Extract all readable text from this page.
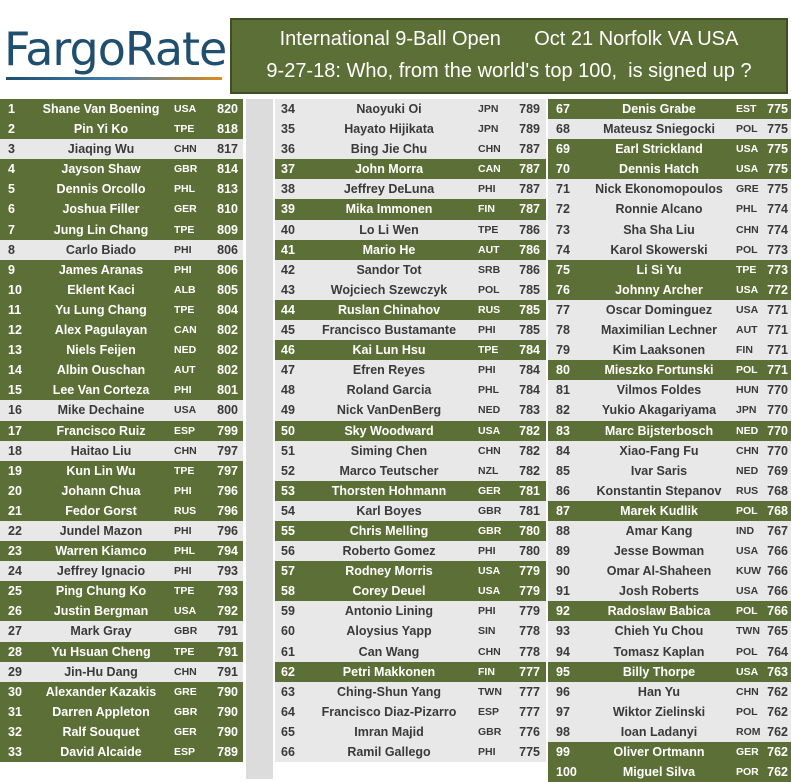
FargoRate	International 9-Ball Open      Oct 21 Norfolk VA USA
9-27-18: Who, from the world's top 100,  is signed up ?
1	Shane Van Boening	USA	820
2	Pin Yi Ko	TPE	818
3	Jiaqing Wu	CHN	817
4	Jayson Shaw	GBR	814
5	Dennis Orcollo	PHL	813
6	Joshua Filler	GER	810
7	Jung Lin Chang	TPE	809
8	Carlo Biado	PHI	806
9	James Aranas	PHI	806
10	Eklent Kaci	ALB	805
11	Yu Lung Chang	TPE	804
12	Alex Pagulayan	CAN	802
13	Niels Feijen	NED	802
14	Albin Ouschan	AUT	802
15	Lee Van Corteza	PHI	801
16	Mike Dechaine	USA	800
17	Francisco Ruiz	ESP	799
18	Haitao Liu	CHN	797
19	Kun Lin Wu	TPE	797
20	Johann Chua	PHI	796
21	Fedor Gorst	RUS	796
22	Jundel Mazon	PHI	796
23	Warren Kiamco	PHL	794
24	Jeffrey Ignacio	PHI	793
25	Ping Chung Ko	TPE	793
26	Justin Bergman	USA	792
27	Mark Gray	GBR	791
28	Yu Hsuan Cheng	TPE	791
29	Jin-Hu Dang	CHN	791
30	Alexander Kazakis	GRE	790
31	Darren Appleton	GBR	790
32	Ralf Souquet	GER	790
33	David Alcaide	ESP	789
34	Naoyuki Oi	JPN	789
35	Hayato Hijikata	JPN	789
36	Bing Jie Chu	CHN	787
37	John Morra	CAN	787
38	Jeffrey DeLuna	PHI	787
39	Mika Immonen	FIN	787
40	Lo Li Wen	TPE	786
41	Mario He	AUT	786
42	Sandor Tot	SRB	786
43	Wojciech Szewczyk	POL	785
44	Ruslan Chinahov	RUS	785
45	Francisco Bustamante	PHI	785
46	Kai Lun Hsu	TPE	784
47	Efren Reyes	PHI	784
48	Roland Garcia	PHL	784
49	Nick VanDenBerg	NED	783
50	Sky Woodward	USA	782
51	Siming Chen	CHN	782
52	Marco Teutscher	NZL	782
53	Thorsten Hohmann	GER	781
54	Karl Boyes	GBR	781
55	Chris Melling	GBR	780
56	Roberto Gomez	PHI	780
57	Rodney Morris	USA	779
58	Corey Deuel	USA	779
59	Antonio Lining	PHI	779
60	Aloysius Yapp	SIN	778
61	Can Wang	CHN	778
62	Petri Makkonen	FIN	777
63	Ching-Shun Yang	TWN	777
64	Francisco Diaz-Pizarro	ESP	777
65	Imran Majid	GBR	776
66	Ramil Gallego	PHI	775
67	Denis Grabe	EST 775
68	Mateusz Sniegocki	POL 775
69	Earl Strickland	USA 775
70	Dennis Hatch	USA 775
71	Nick Ekonomopoulos	GRE 775
72	Ronnie Alcano	PHL 774
73	Sha Sha Liu	CHN 774
74	Karol Skowerski	POL 773
75	Li Si Yu	TPE 773
76	Johnny Archer	USA 772
77	Oscar Dominguez	USA 771
78	Maximilian Lechner	AUT 771
79	Kim Laaksonen	FIN	771
80	Mieszko Fortunski	POL 771
81	Vilmos Foldes	HUN 770
82	Yukio Akagariyama	JPN 770
83	Marc Bijsterbosch	NED 770
84	Xiao-Fang Fu	CHN 770
85	Ivar Saris	NED 769
86	Konstantin Stepanov	RUS 768
87	Marek Kudlik	POL 768
88	Amar Kang	IND	767
89	Jesse Bowman	USA 766
90	Omar Al-Shaheen	KUW 766
91	Josh Roberts	USA 766
92	Radoslaw Babica	POL 766
93	Chieh Yu Chou	TWN 765
94	Tomasz Kaplan	POL 764
95	Billy Thorpe	USA 763
96	Han Yu	CHN 762
97	Wiktor Zielinski	POL 762
98	Ioan Ladanyi	ROM 762
99	Oliver Ortmann	GER 762
100	Miguel Silva	POR 762
